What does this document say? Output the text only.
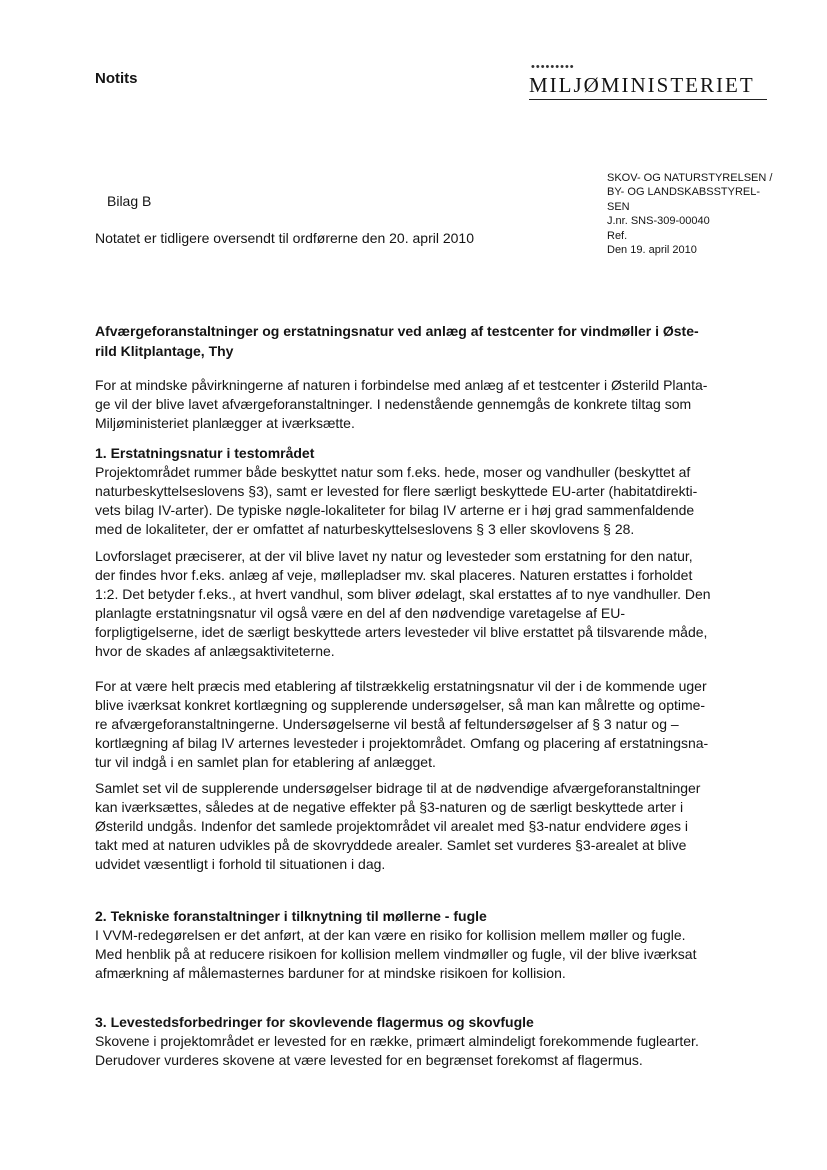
Notits
•••••••••
MILJØMINISTERIET
SKOV- OG NATURSTYRELSEN /
BY- OG LANDSKABSSTYREL-
SEN
J.nr. SNS-309-00040
Ref.
Den 19. april 2010
Bilag B
Notatet er tidligere oversendt til ordførerne den 20. april 2010
Afværgeforanstaltninger og erstatningsnatur ved anlæg af testcenter for vindmøller i Øste-
rild Klitplantage, Thy
For at mindske påvirkningerne af naturen i forbindelse med anlæg af et testcenter i Østerild Planta-
ge vil der blive lavet afværgeforanstaltninger. I nedenstående gennemgås de konkrete tiltag som
Miljøministeriet planlægger at iværksætte.
1. Erstatningsnatur i testområdet
Projektområdet rummer både beskyttet natur som f.eks. hede, moser og vandhuller (beskyttet af
naturbeskyttelseslovens §3), samt er levested for flere særligt beskyttede EU-arter (habitatdirekti-
vets bilag IV-arter). De typiske nøgle-lokaliteter for bilag IV arterne er i høj grad sammenfaldende
med de lokaliteter, der er omfattet af naturbeskyttelseslovens § 3 eller skovlovens § 28.
Lovforslaget præciserer, at der vil blive lavet ny natur og levesteder som erstatning for den natur,
der findes hvor f.eks. anlæg af veje, møllepladser mv. skal placeres. Naturen erstattes i forholdet
1:2. Det betyder f.eks., at hvert vandhul, som bliver ødelagt, skal erstattes af to nye vandhuller. Den
planlagte erstatningsnatur vil også være en del af den nødvendige varetagelse af EU-
forpligtigelserne, idet de særligt beskyttede arters levesteder vil blive erstattet på tilsvarende måde,
hvor de skades af anlægsaktiviteterne.
For at være helt præcis med etablering af tilstrækkelig erstatningsnatur vil der i de kommende uger
blive iværksat konkret kortlægning og supplerende undersøgelser, så man kan målrette og optime-
re afværgeforanstaltningerne. Undersøgelserne vil bestå af feltundersøgelser af § 3 natur og –
kortlægning af bilag IV arternes levesteder i projektområdet. Omfang og placering af erstatningsna-
tur vil indgå i en samlet plan for etablering af anlægget.
Samlet set vil de supplerende undersøgelser bidrage til at de nødvendige afværgeforanstaltninger
kan iværksættes, således at de negative effekter på §3-naturen og de særligt beskyttede arter i
Østerild undgås. Indenfor det samlede projektområdet vil arealet med §3-natur endvidere øges i
takt med at naturen udvikles på de skovryddede arealer. Samlet set vurderes §3-arealet at blive
udvidet væsentligt i forhold til situationen i dag.
2. Tekniske foranstaltninger i tilknytning til møllerne - fugle
I VVM-redegørelsen er det anført, at der kan være en risiko for kollision mellem møller og fugle.
Med henblik på at reducere risikoen for kollision mellem vindmøller og fugle, vil der blive iværksat
afmærkning af målemasternes barduner for at mindske risikoen for kollision.
3. Levestedsforbedringer for skovlevende flagermus og skovfugle
Skovene i projektområdet er levested for en række, primært almindeligt forekommende fuglearter.
Derudover vurderes skovene at være levested for en begrænset forekomst af flagermus.
